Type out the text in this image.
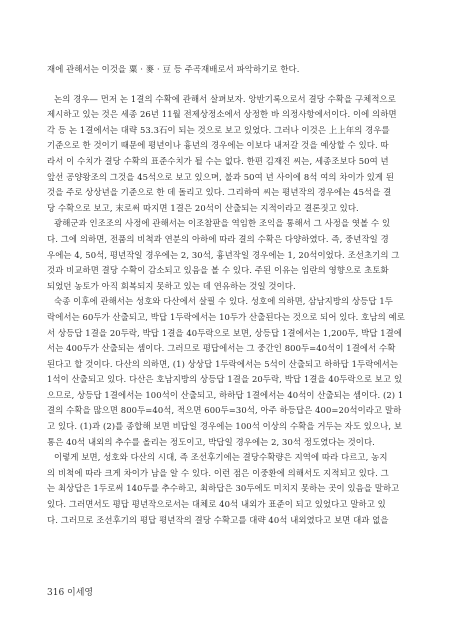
재에 관해서는 이것을 粟 · 麥 · 豆 등 주곡재배로서 파악하기로 한다.
논의 경우— 먼저 논 1결의 수확에 관해서 살펴보자. 앙반기록으로서 결당 수확을 구체적으로
제시하고 있는 것은 세종 26년 11월 전제상정소에서 상정한 바 의정사항에서이다. 이에 의하면
각 등 논 1결에서는 대략 53.3石이 되는 것으로 보고 있었다. 그러나 이것은 上上年의 경우를
기준으로 한 것이기 때문에 평년이나 흉년의 경우에는 이보다 내저갈 것을 예상할 수 있다. 따
라서 이 수치가 결당 수확의 표준수치가 될 수는 없다. 한편 김재진 씨는, 세종조보다 50여 년
앞선 공양왕조의 그것을 45석으로 보고 있으며, 불과 50여 년 사이에 8석 여의 차이가 있게 된
것을 주로 상상년을 기준으로 한 데 돌리고 있다. 그리하여 씨는 평년작의 경우에는 45석을 결
당 수확으로 보고, 末로써 따지면 1결은 20석이 산출되는 지적이라고 결론짓고 있다.
광해군과 인조조의 사정에 관해서는 이조참판을 역임한 조익을 통해서 그 사정을 엿볼 수 있
다. 그에 의하면, 전품의 비척과 연분의 아하에 따라 결의 수확은 다양하였다. 즉, 중년작일 경
우에는 4, 50석, 평년작일 경우에는 2, 30석, 흉년작일 경우에는 1, 20석이었다. 조선초기의 그
것과 비교하면 결당 수확이 감소되고 있음을 볼 수 있다. 주된 이유는 임란의 영향으로 초토화
되었던 농토가 아직 회복되지 못하고 있는 데 연유하는 것일 것이다.
숙종 이후에 관해서는 성호와 다산에서 살필 수 있다. 성호에 의하면, 삼남지방의 상등답 1두
락에서는 60두가 산출되고, 박답 1두락에서는 10두가 산출된다는 것으로 되어 있다. 호남의 예로
서 상등답 1결을 20두락, 박답 1결을 40두락으로 보면, 상등답 1결에서는 1,200두, 박답 1결에
서는 400두가 산출되는 셈이다. 그러므로 평답에서는 그 중간인 800두=40석이 1결에서 수확
된다고 할 것이다. 다산의 의하면, (1) 상상답 1두락에서는 5석이 산출되고 하하답 1두락에서는
1석이 산출되고 있다. 다산은 호남지방의 상등답 1결을 20두락, 박답 1결을 40두락으로 보고 있
으므로, 상등답 1결에서는 100석이 산출되고, 하하답 1결에서는 40석이 산출되는 셈이다. (2) 1
결의 수확을 많으면 800두=40석, 적으면 600두=30석, 아주 하등답은 400=20석이라고 말하
고 있다. (1)과 (2)를 종합해 보면 비답일 경우에는 100석 이상의 수확을 거두는 자도 있으나, 보
통은 40석 내외의 추수를 올리는 정도이고, 박답일 경우에는 2, 30석 정도였다는 것이다.
이렇게 보면, 성호와 다산의 시대, 즉 조선후기에는 결당수확량은 지역에 따라 다르고, 농지
의 비척에 따라 크게 차이가 남을 알 수 있다. 이런 점은 이중환에 의해서도 지적되고 있다. 그
는 최상답은 1두로써 140두를 추수하고, 최하답은 30두에도 미치지 못하는 곳이 있음을 말하고
있다. 그러면서도 평답 평년작으로서는 대체로 40석 내외가 표준이 되고 있었다고 말하고 있
다. 그러므로 조선후기의 평답 평년작의 결당 수확고를 대략 40석 내외였다고 보면 대과 없을
316 이세영
